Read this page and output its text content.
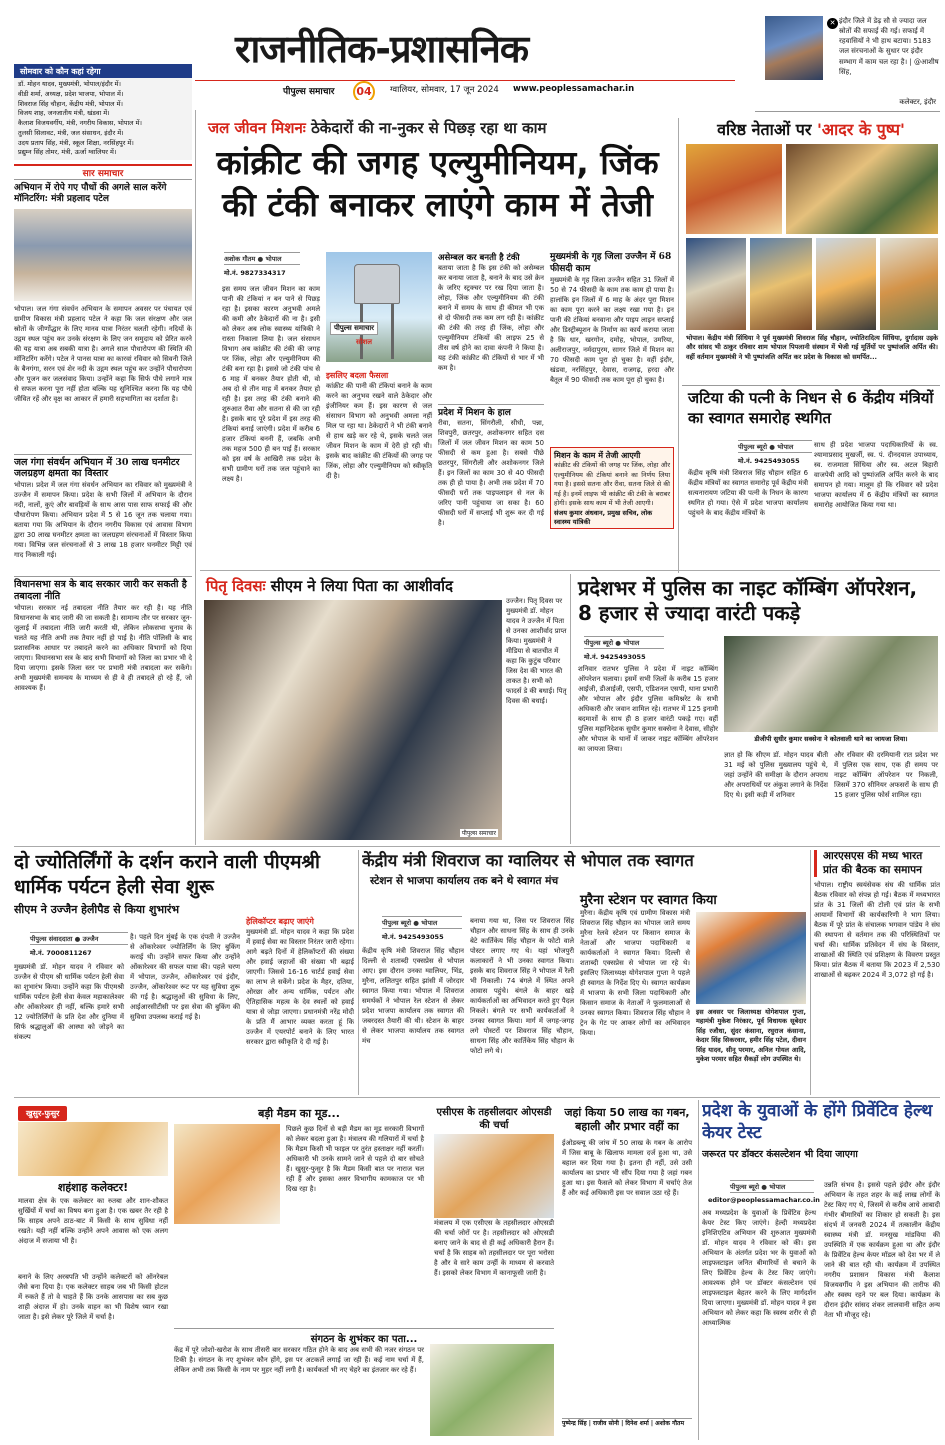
राजनीतिक-प्रशासनिक
पीपुल्स समाचार	04	ग्वालियर, सोमवार, 17 जून 2024 www.peoplessamachar.in
✕ इंदौर जिले में डेढ़ सौ से ज्यादा जल स्रोतों की सफाई की गई। सफाई में रहवासियों ने भी हाथ बटाया। 5183 जल संरचनाओं के सुधार पर इंदौर सम्भाग में काम चल रहा है। | @आशीष सिंह,
कलेक्टर, इंदौर
सोमवार को कौन कहां रहेगा
डॉ. मोहन यादव, मुख्यमंत्री, भोपाल/इंदौर में।
वीडी शर्मा, अध्यक्ष, प्रदेश भाजपा, भोपाल में।
शिवराज सिंह चौहान, केंद्रीय मंत्री, भोपाल में।
विजय शाह, जनजातीय मंत्री, खंडवा में।
कैलाश विजयवर्गीय, मंत्री, नगरीय विकास, भोपाल में।
तुलसी सिलावट, मंत्री, जल संसाधन, इंदौर में।
उदय प्रताप सिंह, मंत्री, स्कूल शिक्षा, नरसिंहपुर में।
प्रद्युम्न सिंह तोमर, मंत्री, ऊर्जा ग्वालियर में।
सार समाचार
अभियान में रोपे गए पौधों की अगले साल करेंगे मॉनिटरिंग: मंत्री प्रहलाद पटेल
भोपाल। जल गंगा संवर्धन अभियान के समापन अवसर पर पंचायत एवं ग्रामीण विकास मंत्री प्रहलाद पटेल ने कहा कि जल संरक्षण और जल स्रोतों के जीर्णोद्धार के लिए मानव यात्रा निरंतर चलती रहेगी। नदियों के उद्गम स्थल पहुंच कर उनके संरक्षण के लिए जन समुदाय को प्रेरित करने की यह यात्रा अब सबकी यात्रा है। अगले साल पौधारोपण की स्थिति की मॉनिटरिंग करेंगे। पटेल ने पानस यात्रा का कारवां रविवार को सिवनी जिले के बैनगंगा, सरन एवं शेर नदी के उद्गम स्थल पहुंच कर उन्होंने पौधारोपण और पूजन कर जलसंवाद किया। उन्होंने कहा कि सिर्फ पौधे लगाने मात्र से सफल करना पूरा नहीं होता बल्कि यह सुनिश्चित करना कि यह पौधे जीवित रहें और वृक्ष का आकार लें हमारी सहभागिता का दर्शाता है।
जल गंगा संवर्धन अभियान में 30 लाख घनमीटर जलग्रहण क्षमता का विस्तार
भोपाल। प्रदेश में जल गंगा संवर्धन अभियान का रविवार को मुख्यमंत्री ने उज्जैन में समापन किया। प्रदेश के सभी जिलों में अभियान के दौरान नदी, नालों, कुएं और बावड़ियों के साथ आस पास साफ सफाई की और पौधारोपण किया। अभियान प्रदेश में 5 से 16 जून तक चलाया गया। बताया गया कि अभियान के दौरान नगरीय विकास एवं आवास विभाग द्वारा 30 लाख घनमीटर क्षमता का जलग्रहण संरचनाओं में विस्तार किया गया। विभिन्न जल संरचनाओं से 3 लाख 18 हजार घनमीटर मिट्टी एवं गाद निकाली गई।
विधानसभा सत्र के बाद सरकार जारी कर सकती है तबादला नीति
भोपाल। सरकार नई तबादला नीति तैयार कर रही है। यह नीति विधानसभा के बाद जारी की जा सकती है। सामान्य तौर पर सरकार जून-जुलाई में तबादला नीति जारी करती थी, लेकिन लोकसभा चुनाव के चलते यह नीति अभी तक तैयार नहीं हो पाई है। नीति पॉलिसी के बाद प्रशासनिक आधार पर तबादले करने का अधिकार विभागों को दिया जाएगा। विधानसभा सत्र के बाद सभी विभागों को जिला का प्रभार भी दे दिया जाएगा। इसके जिला स्तर पर प्रभारी मंत्री तबादला कर सकेंगे। अभी मुख्यमंत्री समन्वय के माध्यम से ही वे ही तबादले हो रहे हैं, जो आवश्यक हैं।
जल जीवन मिशनः ठेकेदारों की ना-नुकर से पिछड़ रहा था काम
कांक्रीट की जगह एल्युमीनियम, जिंक की टंकी बनाकर लाएंगे काम में तेजी
अशोक गौतम ● भोपाल
मो.नं. 9827334317
इस समय जल जीवन मिशन का काम पानी की टंकियां न बन पाने से पिछड़ रहा है। इसका कारण अनुभवी अमले की कमी और ठेकेदारों की ना है। इसी को लेकर अब लोक स्वास्थ्य यांत्रिकी ने रास्ता निकाला लिया है। जल संसाधन विभाग अब कांक्रीट की टंकी की जगह पर जिंक, लोहा और एल्युमीनियम की टंकी बना रहा है। इससे जो टंकी पांच से 6 माह में बनकर तैयार होती थी, वो अब दो से तीन माह में बनकर तैयार हो रही है। इस तरह की टंकी बनाने की शुरुआत रीवा और सतना से की जा रही है। इसके बाद पूरे प्रदेश में इस तरह की टंकियां बनाई जाएंगी। प्रदेश में करीब 6 हजार टंकियां बननी हैं, जबकि अभी तक महज 500 ही बन पाई हैं। सरकार को इस वर्ष के आखिरी तक प्रदेश के सभी ग्रामीण घरों तक जल पहुंचाने का लक्ष्य है।
पीपुल्स समाचार
सोशल
इसलिए बदला फैसला
कांक्रीट की पानी की टंकियां बनाने के काम करने का अनुभव रखने वाले ठेकेदार और इंजीनियर कम हैं। इस कारण से जल संसाधन विभाग को अनुभवी अमला नहीं मिल पा रहा था। ठेकेदारों ने भी टंकी बनाने से हाथ खड़े कर रहे थे, इसके चलते जल जीवन मिशन के काम में देरी हो रही थी। इसके बाद कांक्रीट की टंकियों की जगह पर जिंक, लोहा और एल्युमीनियम को स्वीकृति दी है।
असेम्बल कर बनती है टंकी
बताया जाता है कि इस टंकी को असेम्बल कर बनाया जाता है, बनाने के बाद उसे क्रेन के जरिए स्ट्रक्चर पर रख दिया जाता है। लोहा, जिंक और एल्युमीनियम की टंकी बनाने में समय के साथ ही कीमत भी एक से दो फीसदी तक कम लग रही है। कांक्रीट की टंकी की तरह ही जिंक, लोहा और एल्युमीनियम टंकियों की लाइफ 25 से तीस वर्ष होने का दावा कंपनी ने किया है। यह टंकी कांक्रीट की टंकियों से भार में भी कम है।
प्रदेश में मिशन के हाल
रीवा, सतना, सिंगरौली, सीधी, पन्ना, शिवपुरी, छतरपुर, अशोकनगर सहित दस जिलों में जल जीवन मिशन का काम 50 फीसदी से कम हुआ है। सबसे पीछे छतरपुर, सिंगरौली और अशोकनगर जिले हैं। इन जिलों का काम 30 से 40 फीसदी तक ही हो पाया है। अभी तक प्रदेश में 70 फीसदी घरों तक पाइपलाइन से नल के जरिए पानी पहुंचाया जा सका है। 60 फीसदी घरों में सप्लाई भी शुरू कर दी गई है।
मुख्यमंत्री के गृह जिला उज्जैन में 68 फीसदी काम
मुख्यमंत्री के गृह जिला उज्जैन सहित 31 जिलों में 50 से 74 फीसदी के काम तक काम हो पाया है। हालांकि इन जिलों में 6 माह के अंदर पूरा मिशन का काम पूरा करने का लक्ष्य रखा गया है। इन पानी की टंकियां बनवाना और पाइप लाइन सप्लाई और डिस्ट्रीब्यूशन के निर्माण का कार्य कराया जाता है कि धार, खरगोन, दमोह, भोपाल, उमरिया, अलीराजपुर, नर्मदापुरम, सागर जिले में मिशन का 70 फीसदी काम पूरा हो चुका है। वहीं इंदौर, खंडवा, नरसिंहपुर, देवास, राजगढ़, हरदा और बैतूल में 90 फीसदी तक काम पूरा हो चुका है।
मिशन के काम में तेजी आएगी
कांक्रीट की टंकियों की जगह पर जिंक, लोहा और एल्युमीनियम की टंकियां बनाने का निर्णय लिया गया है। इससे सतना और रीवा, सतना जिले से की गई है। इनमें लाइफ भी कांक्रीट की टंकी के बराबर होगी। इसके साथ काम में भी तेजी आएगी।
संजय कुमार अंधवान, प्रमुख सचिव, लोक स्वास्थ्य यांत्रिकी
वरिष्ठ नेताओं पर 'आदर के पुष्प'
भोपाल। केंद्रीय मंत्री सिंधिया ने पूर्व मुख्यमंत्री शिवराज सिंह चौहान, ज्योतिरादित्य सिंधिया, दुर्गादास उइके और सांसद भी ठाकुर रविवार शाम भोपाल पिपलानी संस्थान में भेजी गई मूर्तियों पर पुष्पांजलि अर्पित की। वहीं वर्तमान मुख्यमंत्री ने भी पुष्पांजलि अर्पित कर प्रदेश के विकास को समर्पित...
जटिया की पत्नी के निधन से 6 केंद्रीय मंत्रियों का स्वागत समारोह स्थगित
पीपुल्स ब्यूरो ● भोपाल
मो.नं. 9425493055
केंद्रीय कृषि मंत्री शिवराज सिंह चौहान सहित 6 केंद्रीय मंत्रियों का स्वागत समारोह पूर्व केंद्रीय मंत्री सत्यनारायण जटिया की पत्नी के निधन के कारण स्थगित हो गया। ऐसे में प्रदेश भाजपा कार्यालय पहुंचने के बाद केंद्रीय मंत्रियों के
साथ ही प्रदेश भाजपा पदाधिकारियों के स्व. श्यामाप्रसाद मुखर्जी, स्व. पं. दीनदयाल उपाध्याय, स्व. राजमाता सिंधिया और स्व. अटल बिहारी वाजपेयी आदि को पुष्पांजलि अर्पित करने के बाद समापन हो गया। मालूम हो कि रविवार को प्रदेश भाजपा कार्यालय में 6 केंद्रीय मंत्रियों का स्वागत समारोह आयोजित किया गया था।
पितृ दिवसः सीएम ने लिया पिता का आशीर्वाद
पीपुल्स समाचार
उज्जैन। पितृ दिवस पर मुख्यमंत्री डॉ. मोहन यादव ने उज्जैन में पिता से उनका आशीर्वाद प्राप्त किया। मुख्यमंत्री ने मीडिया से बातचीत में कहा कि कुटुंब परिवार जिस देश की भारत की ताकत है। सभी को फादर्स डे की बधाई। पितृ दिवस की बधाई।
प्रदेशभर में पुलिस का नाइट कॉम्बिंग ऑपरेशन, 8 हजार से ज्यादा वारंटी पकड़े
पीपुल्स ब्यूरो ● भोपाल
मो.नं. 9425493055
शनिवार रातभर पुलिस ने प्रदेश में नाइट कॉम्बिंग ऑपरेशन चलाया। इसमें सभी जिलों के करीब 15 हजार आईजी, डीआईजी, एसपी, एडिशनल एसपी, थाना प्रभारी और भोपाल और इंदौर पुलिस कमिश्नरेट के सभी अधिकारी और जवान शामिल रहे। रातभर में 125 इनामी बदमाशों के साथ ही 8 हजार वारंटी पकड़े गए। वहीं पुलिस महानिदेशक सुधीर कुमार सक्सेना ने देवास, सीहोर और भोपाल के थानों में जाकर नाइट कॉम्बिंग ऑपरेशन का जायजा लिया।
डीजीपी सुधीर कुमार सक्सेना ने कोतवाली थाने का जायजा लिया।
ज्ञात हो कि सीएम डॉ. मोहन यादव बीती 31 मई को पुलिस मुख्यालय पहुंचे थे, जहां उन्होंने की समीक्षा के दौरान अपराध और अपराधियों पर अंकुश लगाने के निर्देश दिए थे। इसी कड़ी में शनिवार
और रविवार की दरमियानी रात प्रदेश भर में पुलिस एक साथ, एक ही समय पर नाइट कॉम्बिंग ऑपरेशन पर निकली, जिसमें 370 सीनियर अफसरों के साथ ही 15 हजार पुलिस फोर्स शामिल रहा।
दो ज्योतिर्लिंगों के दर्शन कराने वाली पीएमश्री धार्मिक पर्यटन हेली सेवा शुरू
सीएम ने उज्जैन हेलीपैड से किया शुभारंभ
पीपुल्स संवाददाता ● उज्जैन
मो.नं. 7000811267
मुख्यमंत्री डॉ. मोहन यादव ने रविवार को उज्जैन से पीएम श्री धार्मिक पर्यटन हेली सेवा का शुभारंभ किया। उन्होंने कहा कि पीएमश्री धार्मिक पर्यटन हेली सेवा केवल महाकालेश्वर और ओंकारेश्वर ही नहीं, बल्कि हमारे सभी 12 ज्योतिर्लिंगों के प्रति देश और दुनिया में सिर्फ श्रद्धालुओं की आस्था को जोड़ने का संकल्प
है। पहले दिन मुंबई के एक दंपती ने उज्जैन से ओंकारेश्वर ज्योतिर्लिंग के लिए बुकिंग कराई थी। उन्होंने सफर किया और उन्होंने ओंकारेश्वर की सफल यात्रा की। पहले चरण में भोपाल, उज्जैन, ओंकारेश्वर एवं इंदौर, उज्जैन, ओंकारेश्वर रूट पर यह सुविधा शुरू की गई है। श्रद्धालुओं की सुविधा के लिए, आईआरसीटीसी पर इस सेवा की बुकिंग की सुविधा उपलब्ध कराई गई है।
हेलिकॉप्टर बढ़ाए जाएंगे
मुख्यमंत्री डॉ. मोहन यादव ने कहा कि प्रदेश में हवाई सेवा का विस्तार निरंतर जारी रहेगा। आगे बढ़ते दिनों में हेलिकॉप्टरों की संख्या और हवाई जहाजों की संख्या भी बढ़ाई जाएगी। जिससे 16-16 चार्टर्ड हवाई सेवा का लाभ ले सकेंगे। प्रदेश के मैहर, दतिया, ओरछा और अन्य धार्मिक, पर्यटन और ऐतिहासिक महत्व के देव स्थलों को हवाई यात्रा से जोड़ा जाएगा। प्रधानमंत्री नरेंद्र मोदी के प्रति मैं आभार व्यक्त करता हूं कि उज्जैन में एयरपोर्ट बनाने के लिए भारत सरकार द्वारा स्वीकृति दे दी गई है।
केंद्रीय मंत्री शिवराज का ग्वालियर से भोपाल तक स्वागत
स्टेशन से भाजपा कार्यालय तक बने थे स्वागत मंच
पीपुल्स ब्यूरो ● भोपाल
मो.नं. 9425493055
केंद्रीय कृषि मंत्री शिवराज सिंह चौहान दिल्ली से शताब्दी एक्सप्रेस से भोपाल आए। इस दौरान उनका ग्वालियर, भिंड, मुरैना, ललितपुर सहित झांसी में जोरदार स्वागत किया गया। भोपाल में शिवराज समर्थकों ने भोपाल रेल स्टेशन से लेकर प्रदेश भाजपा कार्यालय तक स्वागत की जबरदस्त तैयारी की थी। स्टेशन के बाहर से लेकर भाजपा कार्यालय तक स्वागत मंच
बनाया गया था, जिस पर शिवराज सिंह चौहान और साधना सिंह के साथ ही उनके बेटे कार्तिकेय सिंह चौहान के फोटो वाले पोस्टर लगाए गए थे। यहां भोजपुरी कलाकारों ने भी उनका स्वागत किया। इसके बाद शिवराज सिंह ने भोपाल में रैली भी निकाली। 74 बंगले में स्थित अपने आवास पहुंचे। बंगले के बाहर खड़े कार्यकर्ताओं का अभिवादन करते हुए पैदल निकले। बंगले पर सभी कार्यकर्ताओं ने उनका स्वागत किया। मार्ग में जगह-जगह लगे पोस्टरों पर शिवराज सिंह चौहान, साधना सिंह और कार्तिकेय सिंह चौहान के फोटो लगे थे।
मुरैना स्टेशन पर स्वागत किया
मुरैना। केंद्रीय कृषि एवं ग्रामीण विकास मंत्री शिवराज सिंह चौहान का भोपाल जाते समय मुरैना रेलवे स्टेशन पर किसान समाज के नेताओं और भाजपा पदाधिकारी व कार्यकर्ताओं ने स्वागत किया। दिल्ली से शताब्दी एक्सप्रेस से भोपाल जा रहे थे। इसलिए जिलाध्यक्ष योगेशपाल गुप्ता ने पहले ही स्वागत के निर्देश दिए थे। स्वागत कार्यक्रम में भाजपा के सभी जिला पदाधिकारी और किसान समाज के नेताओं ने फूलमालाओं से उनका स्वागत किया। शिवराज सिंह चौहान ने ट्रेन के गेट पर आकर लोगों का अभिवादन किया।
इस अवसर पर जिलाध्यक्ष योगेशपाल गुप्ता, महामंत्री मुकेश निरंकार, पूर्व विधायक सूबेदार सिंह रजौधा, सुंदर कंसाना, रघुराज कंसाना, केदार सिंह सिकरवार, हमीर सिंह पटेल, दीवान सिंह यादव, सीनू परमार, अनिल गोयल आदि, मुकेश परमार सहित सैकड़ों लोग उपस्थित थे।
आरएसएस की मध्य भारत प्रांत की बैठक का समापन
भोपाल। राष्ट्रीय स्वयंसेवक संघ की धार्मिक प्रांत बैठक रविवार को संपन्न हो गई। बैठक में मध्यभारत प्रांत के 31 जिलों की टोली एवं प्रांत के सभी आयामों विभागों की कार्यकारिणी ने भाग लिया। बैठक में पूरे प्रांत के संचालक भगवान पांडेय ने संघ की स्थापना से वर्तमान तक की परिस्थितियों पर चर्चा की। धार्मिक प्रतिवेदन में संघ के विस्तार, शाखाओं की स्थिति एवं प्रशिक्षण के विवरण प्रस्तुत किया। प्रांत बैठक में बताया कि 2023 में 2,530 शाखाओं से बढ़कर 2024 में 3,072 हो गई है।
खुसुर-फुसुर
शहंशाह कलेक्टर!
मालवा क्षेत्र के एक कलेक्टर का रुतबा और शान-शौकत सुर्खियों में चर्चा का विषय बना हुआ है। एक खबर तैर रही है कि साहब अपने ठाठ-बाट में किसी के साथ सुविधा नहीं रखते। यही नहीं बल्कि उन्होंने अपने आवास को एक अलग अंदाज में सजाया भी है।
बनाने के लिए अरबपति भी उन्होंने कलेक्टरों को ऑनरेबल जैसे बना दिया है। एक कलेक्टर साहब जब भी किसी होटल में रुकते हैं तो वे चाहते हैं कि उनके आसपास का सब कुछ शाही अंदाज में हो। उनके वाहन का भी विशेष ध्यान रखा जाता है। इसे लेकर पूरे जिले में चर्चा है।
बड़ी मैडम का मूड...
पिछले कुछ दिनों से बड़ी मैडम का मूड सरकारी विभागों को लेकर बदला हुआ है। मंत्रालय की गलियारों में चर्चा है कि मैडम किसी भी फाइल पर तुरंत हस्ताक्षर नहीं करतीं। अधिकारी भी उनके सामने जाने से पहले दो बार सोचते हैं। खुसुर-फुसुर है कि मैडम किसी बात पर नाराज चल रही हैं और इसका असर विभागीय कामकाज पर भी दिख रहा है।
एसीएस के तहसीलदार ओएसडी की चर्चा
मंत्रालय में एक एसीएस के तहसीलदार ओएसडी की चर्चा जोरों पर है। तहसीलदार को ओएसडी बनाए जाने के बाद से ही कई अधिकारी हैरान हैं। चर्चा है कि साहब को तहसीलदार पर पूरा भरोसा है और वे सारे काम उन्हीं के माध्यम से करवाते हैं। इसको लेकर विभाग में कानाफूसी जारी है।
जहां किया 50 लाख का गबन, बहाली और प्रभार वहीं का
ईओडब्ल्यू की जांच में 50 लाख के गबन के आरोप में जिस बाबू के खिलाफ मामला दर्ज हुआ था, उसे बहाल कर दिया गया है। इतना ही नहीं, उसे उसी कार्यालय का प्रभार भी सौंप दिया गया है जहां गबन हुआ था। इस फैसले को लेकर विभाग में चर्चाएं तेज हैं और कई अधिकारी इस पर सवाल उठा रहे हैं।
संगठन के शुभंकर का पता...
केंद्र में पूरे जोशो-खरोश के साथ तीसरी बार सरकार गठित होने के बाद अब सभी की नजर संगठन पर टिकी है। संगठन के नए शुभंकर कौन होंगे, इस पर अटकलें लगाई जा रही हैं। कई नाम चर्चा में हैं, लेकिन अभी तक किसी के नाम पर मुहर नहीं लगी है। कार्यकर्ता भी नए चेहरे का इंतजार कर रहे हैं।
पुष्पेन्द्र सिंह | राजीव सोनी | दिनेश शर्मा | अशोक गौतम
प्रदेश के युवाओं के होंगे प्रिवेंटिव हेल्थ केयर टेस्ट
जरूरत पर डॉक्टर कंसल्टेशन भी दिया जाएगा
पीपुल्स ब्यूरो ● भोपाल
editor@peoplessamachar.co.in
अब मध्यप्रदेश के युवाओं के प्रिवेंटिव हेल्थ केयर टेस्ट किए जाएंगे। हेल्दी मध्यप्रदेश इनिशिएटिव अभियान की शुरुआत मुख्यमंत्री डॉ. मोहन यादव ने रविवार को की। इस अभियान के अंतर्गत प्रदेश भर के युवाओं को लाइफस्टाइल जनित बीमारियों से बचाने के लिए प्रिवेंटिव हेल्थ के टेस्ट किए जाएंगे। आवश्यक होने पर डॉक्टर कंसल्टेशन एवं लाइफस्टाइल बेहतर करने के लिए मार्गदर्शन दिया जाएगा। मुख्यमंत्री डॉ. मोहन यादव ने इस अभियान को लेकर कहा कि स्वस्थ शरीर से ही आध्यात्मिक
उन्नति संभव है। इससे पहले इंदौर और इंदौर अभियान के तहत शहर के कई लाख लोगों के टेस्ट किए गए थे, जिसमें से करीब आधे आबादी गंभीर बीमारियों का शिकार हो सकती है। इस संदर्भ में जनवरी 2024 में तत्कालीन केंद्रीय स्वास्थ्य मंत्री डॉ. मनसुख मांडविया की उपस्थिति में एक कार्यक्रम हुआ था और इंदौर के प्रिवेंटिव हेल्थ केयर मॉडल को देश भर में ले जाने की बात रही थी। कार्यक्रम में उपस्थित नगरीय प्रशासन विकास मंत्री कैलाश विजयवर्गीय ने इस अभियान की तारीफ की और स्वस्थ रहने पर बल दिया। कार्यक्रम के दौरान इंदौर सांसद शंकर लालवानी सहित अन्य नेता भी मौजूद रहे।
